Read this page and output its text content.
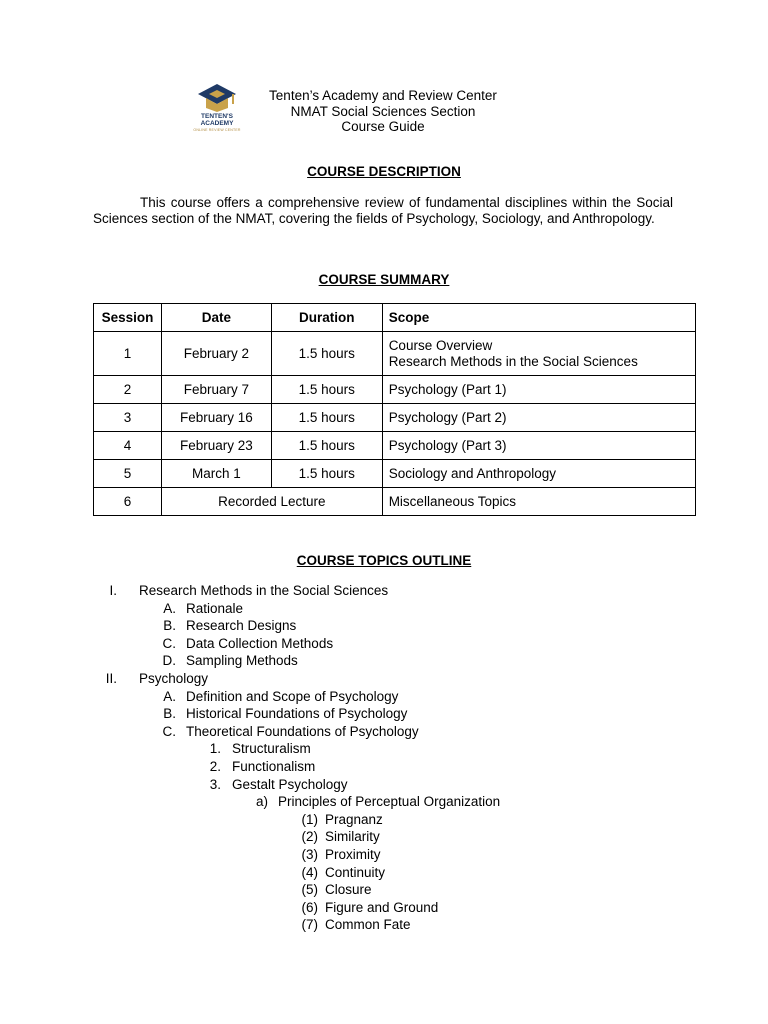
TENTEN'S
ACADEMY
ONLINE REVIEW CENTER
Tenten’s Academy and Review Center
NMAT Social Sciences Section
Course Guide
COURSE DESCRIPTION
This course offers a comprehensive review of fundamental disciplines within the Social Sciences section of the NMAT, covering the fields of Psychology, Sociology, and Anthropology.
COURSE SUMMARY
Session	Date	Duration	Scope
1	February 2	1.5 hours	Course Overview
Research Methods in the Social Sciences

2	February 7	1.5 hours	Psychology (Part 1)
3	February 16	1.5 hours	Psychology (Part 2)
4	February 23	1.5 hours	Psychology (Part 3)
5	March 1	1.5 hours	Sociology and Anthropology
6	Recorded Lecture		Miscellaneous Topics
COURSE TOPICS OUTLINE
I. Research Methods in the Social Sciences
A. Rationale
B. Research Designs
C. Data Collection Methods
D. Sampling Methods
II. Psychology
A. Definition and Scope of Psychology
B. Historical Foundations of Psychology
C. Theoretical Foundations of Psychology
1. Structuralism
2. Functionalism
3. Gestalt Psychology
a) Principles of Perceptual Organization
(1) Pragnanz
(2) Similarity
(3) Proximity
(4) Continuity
(5) Closure
(6) Figure and Ground
(7) Common Fate
